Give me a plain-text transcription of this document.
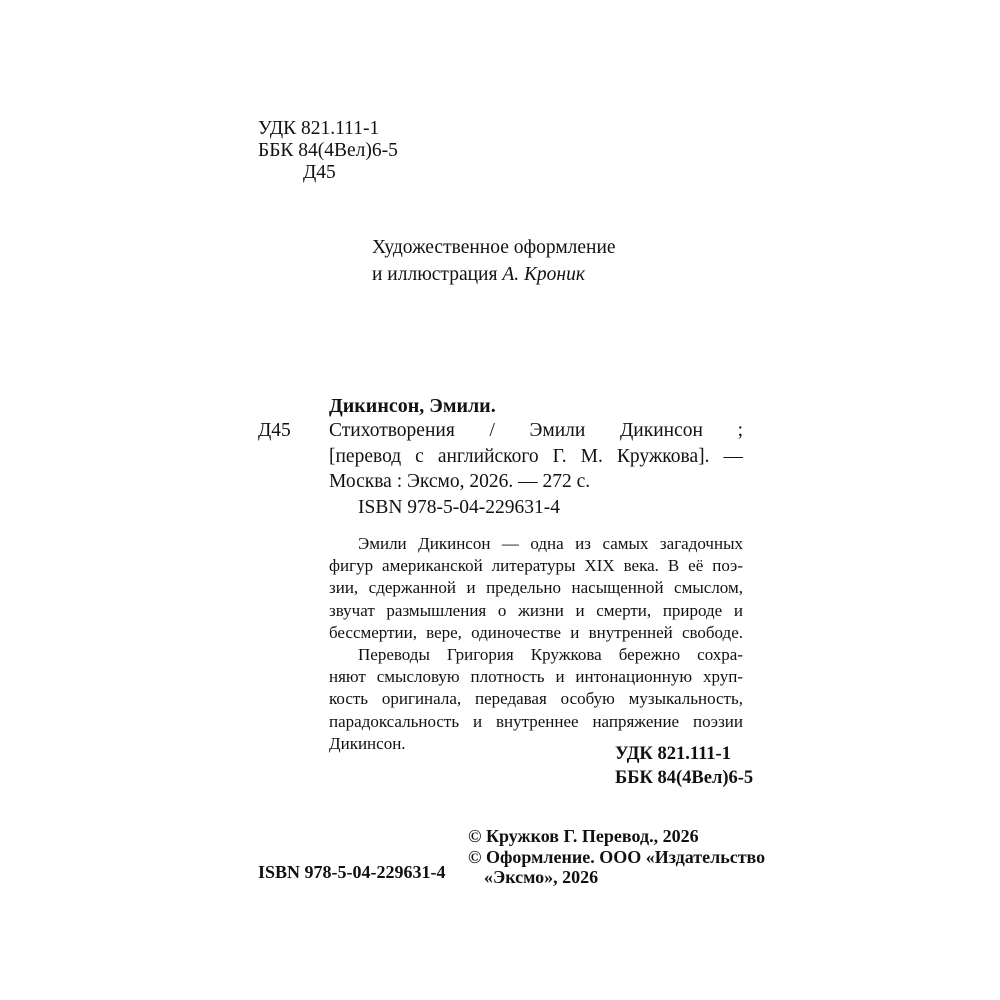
УДК 821.111-1
ББК 84(4Вел)6-5
Д45
Художественное оформление
и иллюстрация А. Кроник
Дикинсон, Эмили.
Д45 Стихотворения / Эмили Дикинсон ;
[перевод с английского Г. М. Кружкова]. —
Москва : Эксмо, 2026. — 272 с.
ISBN 978-5-04-229631-4
Эмили Дикинсон — одна из самых загадочных
фигур американской литературы XIX века. В её поэ-
зии, сдержанной и предельно насыщенной смыслом,
звучат размышления о жизни и смерти, природе и
бессмертии, вере, одиночестве и внутренней свободе.
Переводы Григория Кружкова бережно сохра-
няют смысловую плотность и интонационную хруп-
кость оригинала, передавая особую музыкальность,
парадоксальность и внутреннее напряжение поэзии
Дикинсон.
УДК 821.111-1
ББК 84(4Вел)6-5
© Кружков Г. Перевод., 2026
© Оформление. ООО «Издательство
«Эксмо», 2026
ISBN 978-5-04-229631-4
